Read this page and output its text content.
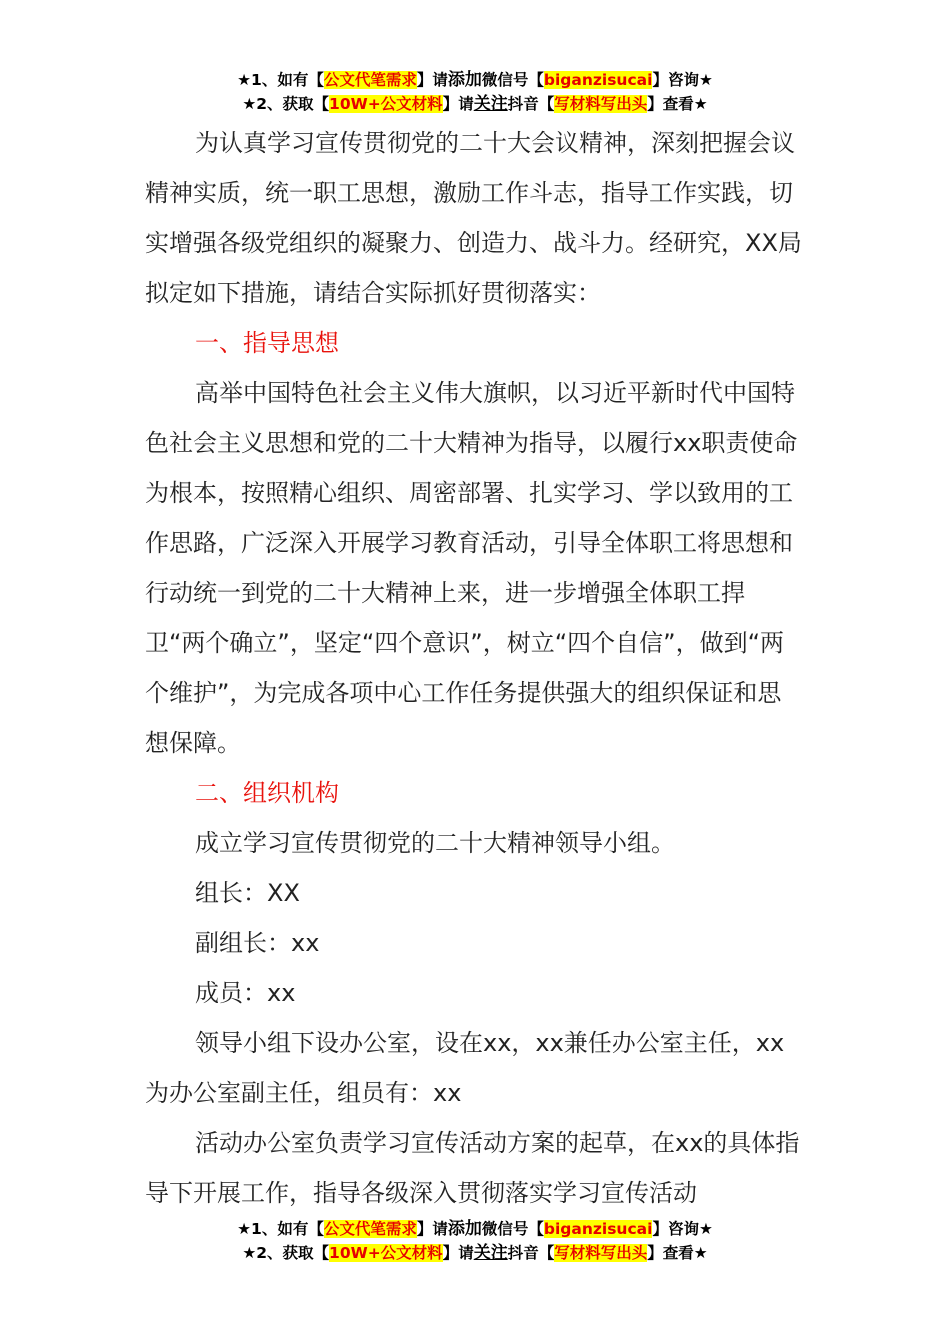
★1、如有【公文代笔需求】请添加微信号【biganzisucai】咨询★
★2、获取【10W+公文材料】请关注抖音【写材料写出头】查看★

为认真学习宣传贯彻党的二十大会议精神，深刻把握会议精神实质，统一职工思想，激励工作斗志，指导工作实践，切实增强各级党组织的凝聚力、创造力、战斗力。经研究，XX局拟定如下措施，请结合实际抓好贯彻落实：

一、指导思想

高举中国特色社会主义伟大旗帜，以习近平新时代中国特色社会主义思想和党的二十大精神为指导，以履行xx职责使命为根本，按照精心组织、周密部署、扎实学习、学以致用的工作思路，广泛深入开展学习教育活动，引导全体职工将思想和行动统一到党的二十大精神上来，进一步增强全体职工捍卫“两个确立”，坚定“四个意识”，树立“四个自信”，做到“两个维护”，为完成各项中心工作任务提供强大的组织保证和思想保障。

二、组织机构

成立学习宣传贯彻党的二十大精神领导小组。

组长：XX

副组长：xx

成员：xx

领导小组下设办公室，设在xx，xx兼任办公室主任，xx为办公室副主任，组员有：xx

活动办公室负责学习宣传活动方案的起草，在xx的具体指导下开展工作，指导各级深入贯彻落实学习宣传活动

★1、如有【公文代笔需求】请添加微信号【biganzisucai】咨询★
★2、获取【10W+公文材料】请关注抖音【写材料写出头】查看★
